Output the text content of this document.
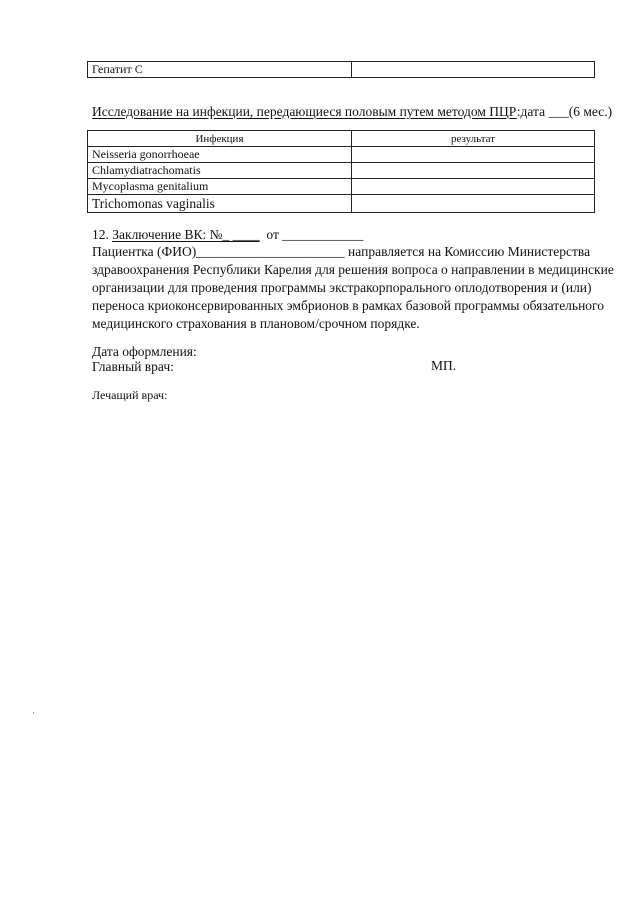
Гепатит С	
Исследование на инфекции, передающиеся половым путем методом ПЦР:дата ___(6 мес.)
Инфекция	результат
Neisseria gonorrhoeae	
Chlamydiatrachomatis	
Mycoplasma genitalium	
Trichomonas vaginalis	
12. Заключение ВК: №_ ____  от ____________
Пациентка (ФИО)______________________ направляется на Комиссию Министерства
здравоохранения Республики Карелия для решения вопроса о направлении в медицинские
организации для проведения программы экстракорпорального оплодотворения и (или)
переноса криоконсервированных эмбрионов в рамках базовой программы обязательного
медицинского страхования в плановом/срочном порядке.
Дата оформления:
Главный врач:	МП.
Лечащий врач:
